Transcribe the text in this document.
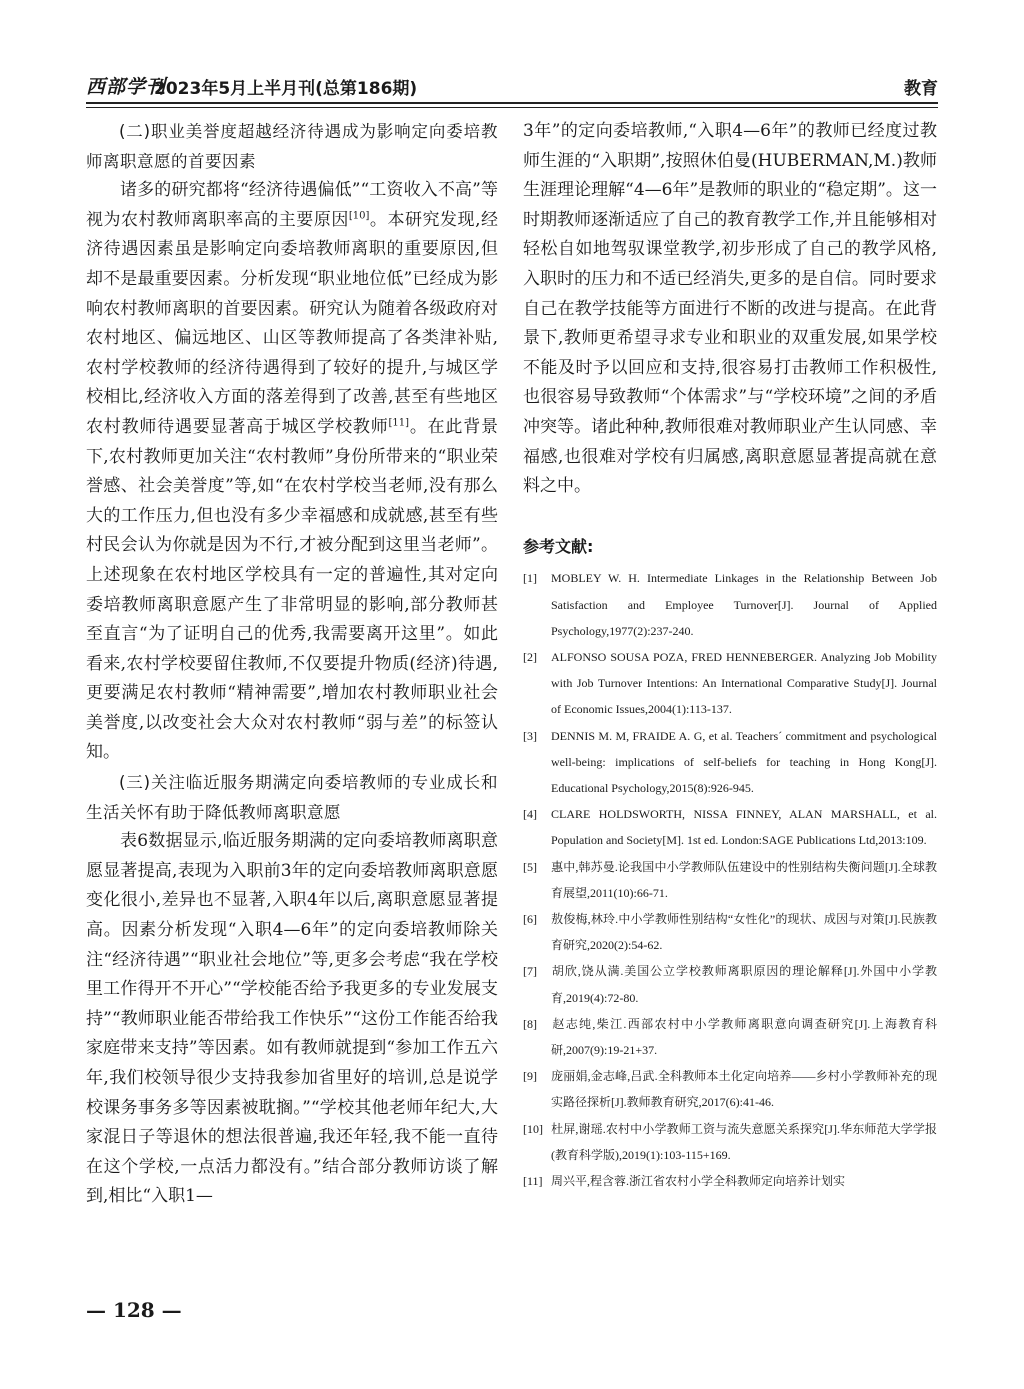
西部学刊
2023年5月上半月刊(总第186期)	教育
(二)职业美誉度超越经济待遇成为影响定向委培教师离职意愿的首要因素

诸多的研究都将“经济待遇偏低”“工资收入不高”等视为农村教师离职率高的主要原因[10]。本研究发现,经济待遇因素虽是影响定向委培教师离职的重要原因,但却不是最重要因素。分析发现“职业地位低”已经成为影响农村教师离职的首要因素。研究认为随着各级政府对农村地区、偏远地区、山区等教师提高了各类津补贴,农村学校教师的经济待遇得到了较好的提升,与城区学校相比,经济收入方面的落差得到了改善,甚至有些地区农村教师待遇要显著高于城区学校教师[11]。在此背景下,农村教师更加关注“农村教师”身份所带来的“职业荣誉感、社会美誉度”等,如“在农村学校当老师,没有那么大的工作压力,但也没有多少幸福感和成就感,甚至有些村民会认为你就是因为不行,才被分配到这里当老师”。上述现象在农村地区学校具有一定的普遍性,其对定向委培教师离职意愿产生了非常明显的影响,部分教师甚至直言“为了证明自己的优秀,我需要离开这里”。如此看来,农村学校要留住教师,不仅要提升物质(经济)待遇,更要满足农村教师“精神需要”,增加农村教师职业社会美誉度,以改变社会大众对农村教师“弱与差”的标签认知。

(三)关注临近服务期满定向委培教师的专业成长和生活关怀有助于降低教师离职意愿

表6数据显示,临近服务期满的定向委培教师离职意愿显著提高,表现为入职前3年的定向委培教师离职意愿变化很小,差异也不显著,入职4年以后,离职意愿显著提高。因素分析发现“入职4—6年”的定向委培教师除关注“经济待遇”“职业社会地位”等,更多会考虑“我在学校里工作得开不开心”“学校能否给予我更多的专业发展支持”“教师职业能否带给我工作快乐”“这份工作能否给我家庭带来支持”等因素。如有教师就提到“参加工作五六年,我们校领导很少支持我参加省里好的培训,总是说学校课务事务多等因素被耽搁。”“学校其他老师年纪大,大家混日子等退休的想法很普遍,我还年轻,我不能一直待在这个学校,一点活力都没有。”结合部分教师访谈了解到,相比“入职1—

3年”的定向委培教师,“入职4—6年”的教师已经度过教师生涯的“入职期”,按照休伯曼(HUBERMAN,M.)教师生涯理论理解“4—6年”是教师的职业的“稳定期”。这一时期教师逐渐适应了自己的教育教学工作,并且能够相对轻松自如地驾驭课堂教学,初步形成了自己的教学风格,入职时的压力和不适已经消失,更多的是自信。同时要求自己在教学技能等方面进行不断的改进与提高。在此背景下,教师更希望寻求专业和职业的双重发展,如果学校不能及时予以回应和支持,很容易打击教师工作积极性,也很容易导致教师“个体需求”与“学校环境”之间的矛盾冲突等。诸此种种,教师很难对教师职业产生认同感、幸福感,也很难对学校有归属感,离职意愿显著提高就在意料之中。

参考文献:
[1] MOBLEY W. H. Intermediate Linkages in the Relationship Between Job Satisfaction and Employee Turnover[J]. Journal of Applied Psychology,1977(2):237-240.
[2] ALFONSO SOUSA POZA, FRED HENNEBERGER. Analyzing Job Mobility with Job Turnover Intentions: An International Comparative Study[J]. Journal of Economic Issues,2004(1):113-137.
[3] DENNIS M. M, FRAIDE A. G, et al. Teachers´ commitment and psychological well-being: implications of self-beliefs for teaching in Hong Kong[J]. Educational Psychology,2015(8):926-945.
[4] CLARE HOLDSWORTH, NISSA FINNEY, ALAN MARSHALL, et al. Population and Society[M]. 1st ed. London:SAGE Publications Ltd,2013:109.
[5] 惠中,韩苏曼.论我国中小学教师队伍建设中的性别结构失衡问题[J].全球教育展望,2011(10):66-71.
[6] 敖俊梅,林玲.中小学教师性别结构“女性化”的现状、成因与对策[J].民族教育研究,2020(2):54-62.
[7] 胡欣,饶从满.美国公立学校教师离职原因的理论解释[J].外国中小学教育,2019(4):72-80.
[8] 赵志纯,柴江.西部农村中小学教师离职意向调查研究[J].上海教育科研,2007(9):19-21+37.
[9] 庞丽娟,金志峰,吕武.全科教师本土化定向培养——乡村小学教师补充的现实路径探析[J].教师教育研究,2017(6):41-46.
[10] 杜屏,谢瑶.农村中小学教师工资与流失意愿关系探究[J].华东师范大学学报(教育科学版),2019(1):103-115+169.
[11] 周兴平,程含蓉.浙江省农村小学全科教师定向培养计划实
— 128 —
